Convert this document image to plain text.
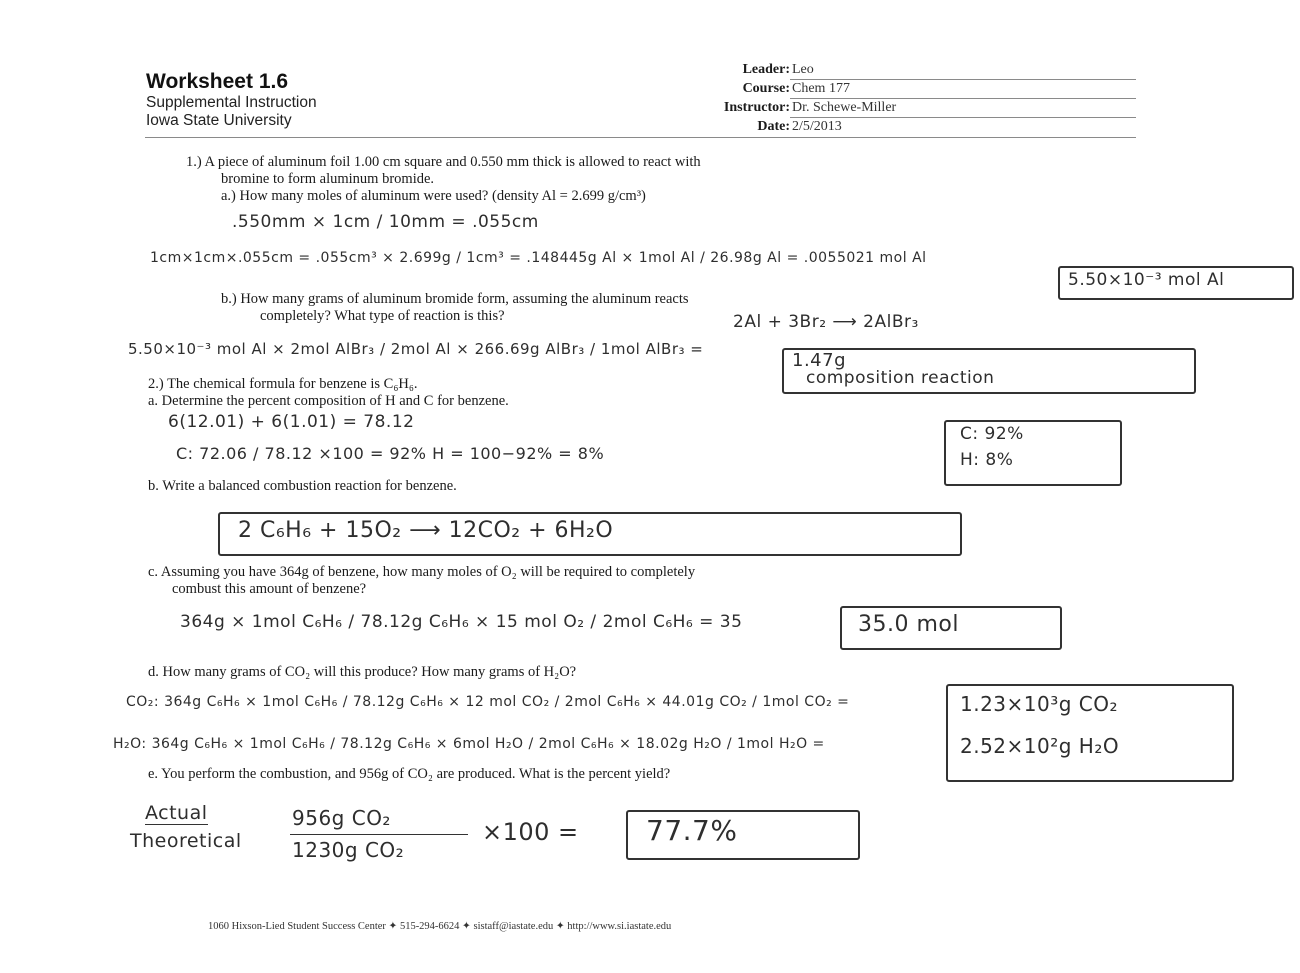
Worksheet 1.6
Supplemental Instruction
Iowa State University
Leader: Leo
Course: Chem 177
Instructor: Dr. Schewe-Miller
Date: 2/5/2013
1.) A piece of aluminum foil 1.00 cm square and 0.550 mm thick is allowed to react with
bromine to form aluminum bromide.
a.) How many moles of aluminum were used? (density Al = 2.699 g/cm³)
.550mm × 1cm / 10mm = .055cm
1cm×1cm×.055cm = .055cm³ × 2.699g / 1cm³ = .148445g Al × 1mol Al / 26.98g Al = .0055021 mol Al
5.50×10⁻³ mol Al
b.) How many grams of aluminum bromide form, assuming the aluminum reacts
completely? What type of reaction is this?	2Al + 3Br₂ ⟶ 2AlBr₃
5.50×10⁻³ mol Al × 2mol AlBr₃ / 2mol Al × 266.69g AlBr₃ / 1mol AlBr₃ =
1.47g
composition reaction
2.) The chemical formula for benzene is C₆H₆.
a. Determine the percent composition of H and C for benzene.
6(12.01) + 6(1.01) = 78.12
C: 72.06 / 78.12 ×100 = 92% H = 100−92% = 8%
C: 92%
H: 8%
b. Write a balanced combustion reaction for benzene.
2 C₆H₆ + 15O₂ ⟶ 12CO₂ + 6H₂O
c. Assuming you have 364g of benzene, how many moles of O₂ will be required to completely
combust this amount of benzene?
364g × 1mol C₆H₆ / 78.12g C₆H₆ × 15 mol O₂ / 2mol C₆H₆ = 35	35.0 mol
d. How many grams of CO₂ will this produce? How many grams of H₂O?
CO₂: 364g C₆H₆ × 1mol C₆H₆ / 78.12g C₆H₆ × 12 mol CO₂ / 2mol C₆H₆ × 44.01g CO₂ / 1mol CO₂ =
H₂O: 364g C₆H₆ × 1mol C₆H₆ / 78.12g C₆H₆ × 6mol H₂O / 2mol C₆H₆ × 18.02g H₂O / 1mol H₂O =
1.23×10³g CO₂
2.52×10²g H₂O
e. You perform the combustion, and 956g of CO₂ are produced. What is the percent yield?
Actual
Theoretical
956g CO₂
1230g CO₂
×100 = 77.7%
1060 Hixson-Lied Student Success Center ✦ 515-294-6624 ✦ sistaff@iastate.edu ✦ http://www.si.iastate.edu
